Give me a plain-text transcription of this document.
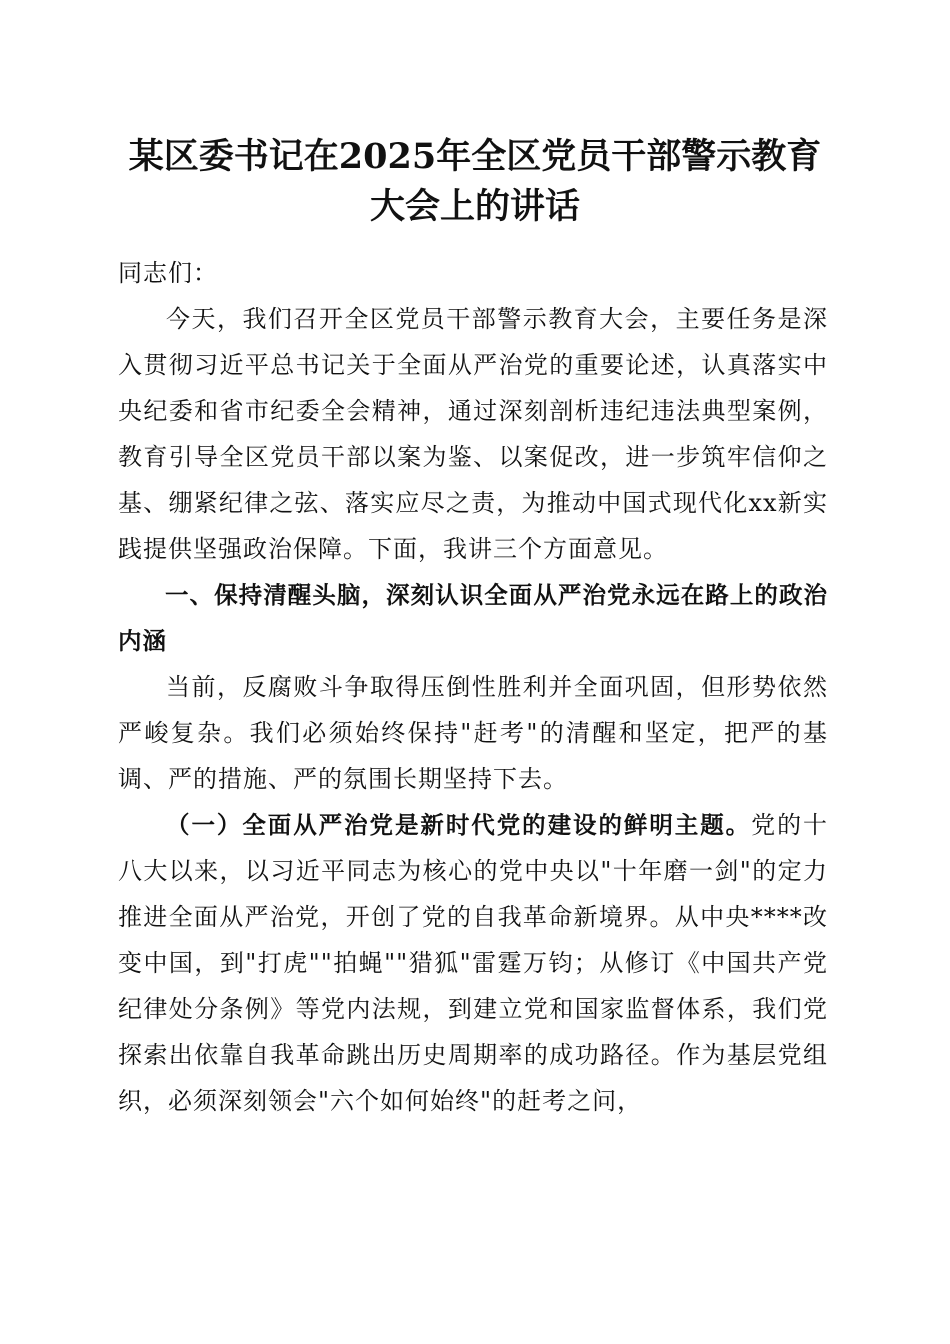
某区委书记在2025年全区党员干部警示教育
大会上的讲话

同志们：

今天，我们召开全区党员干部警示教育大会，主要任务是深入贯彻习近平总书记关于全面从严治党的重要论述，认真落实中央纪委和省市纪委全会精神，通过深刻剖析违纪违法典型案例，教育引导全区党员干部以案为鉴、以案促改，进一步筑牢信仰之基、绷紧纪律之弦、落实应尽之责，为推动中国式现代化xx新实践提供坚强政治保障。下面，我讲三个方面意见。

一、保持清醒头脑，深刻认识全面从严治党永远在路上的政治内涵

当前，反腐败斗争取得压倒性胜利并全面巩固，但形势依然严峻复杂。我们必须始终保持"赶考"的清醒和坚定，把严的基调、严的措施、严的氛围长期坚持下去。

（一）全面从严治党是新时代党的建设的鲜明主题。党的十八大以来，以习近平同志为核心的党中央以"十年磨一剑"的定力推进全面从严治党，开创了党的自我革命新境界。从中央****改变中国，到"打虎""拍蝇""猎狐"雷霆万钧；从修订《中国共产党纪律处分条例》等党内法规，到建立党和国家监督体系，我们党探索出依靠自我革命跳出历史周期率的成功路径。作为基层党组织，必须深刻领会"六个如何始终"的赶考之问，
